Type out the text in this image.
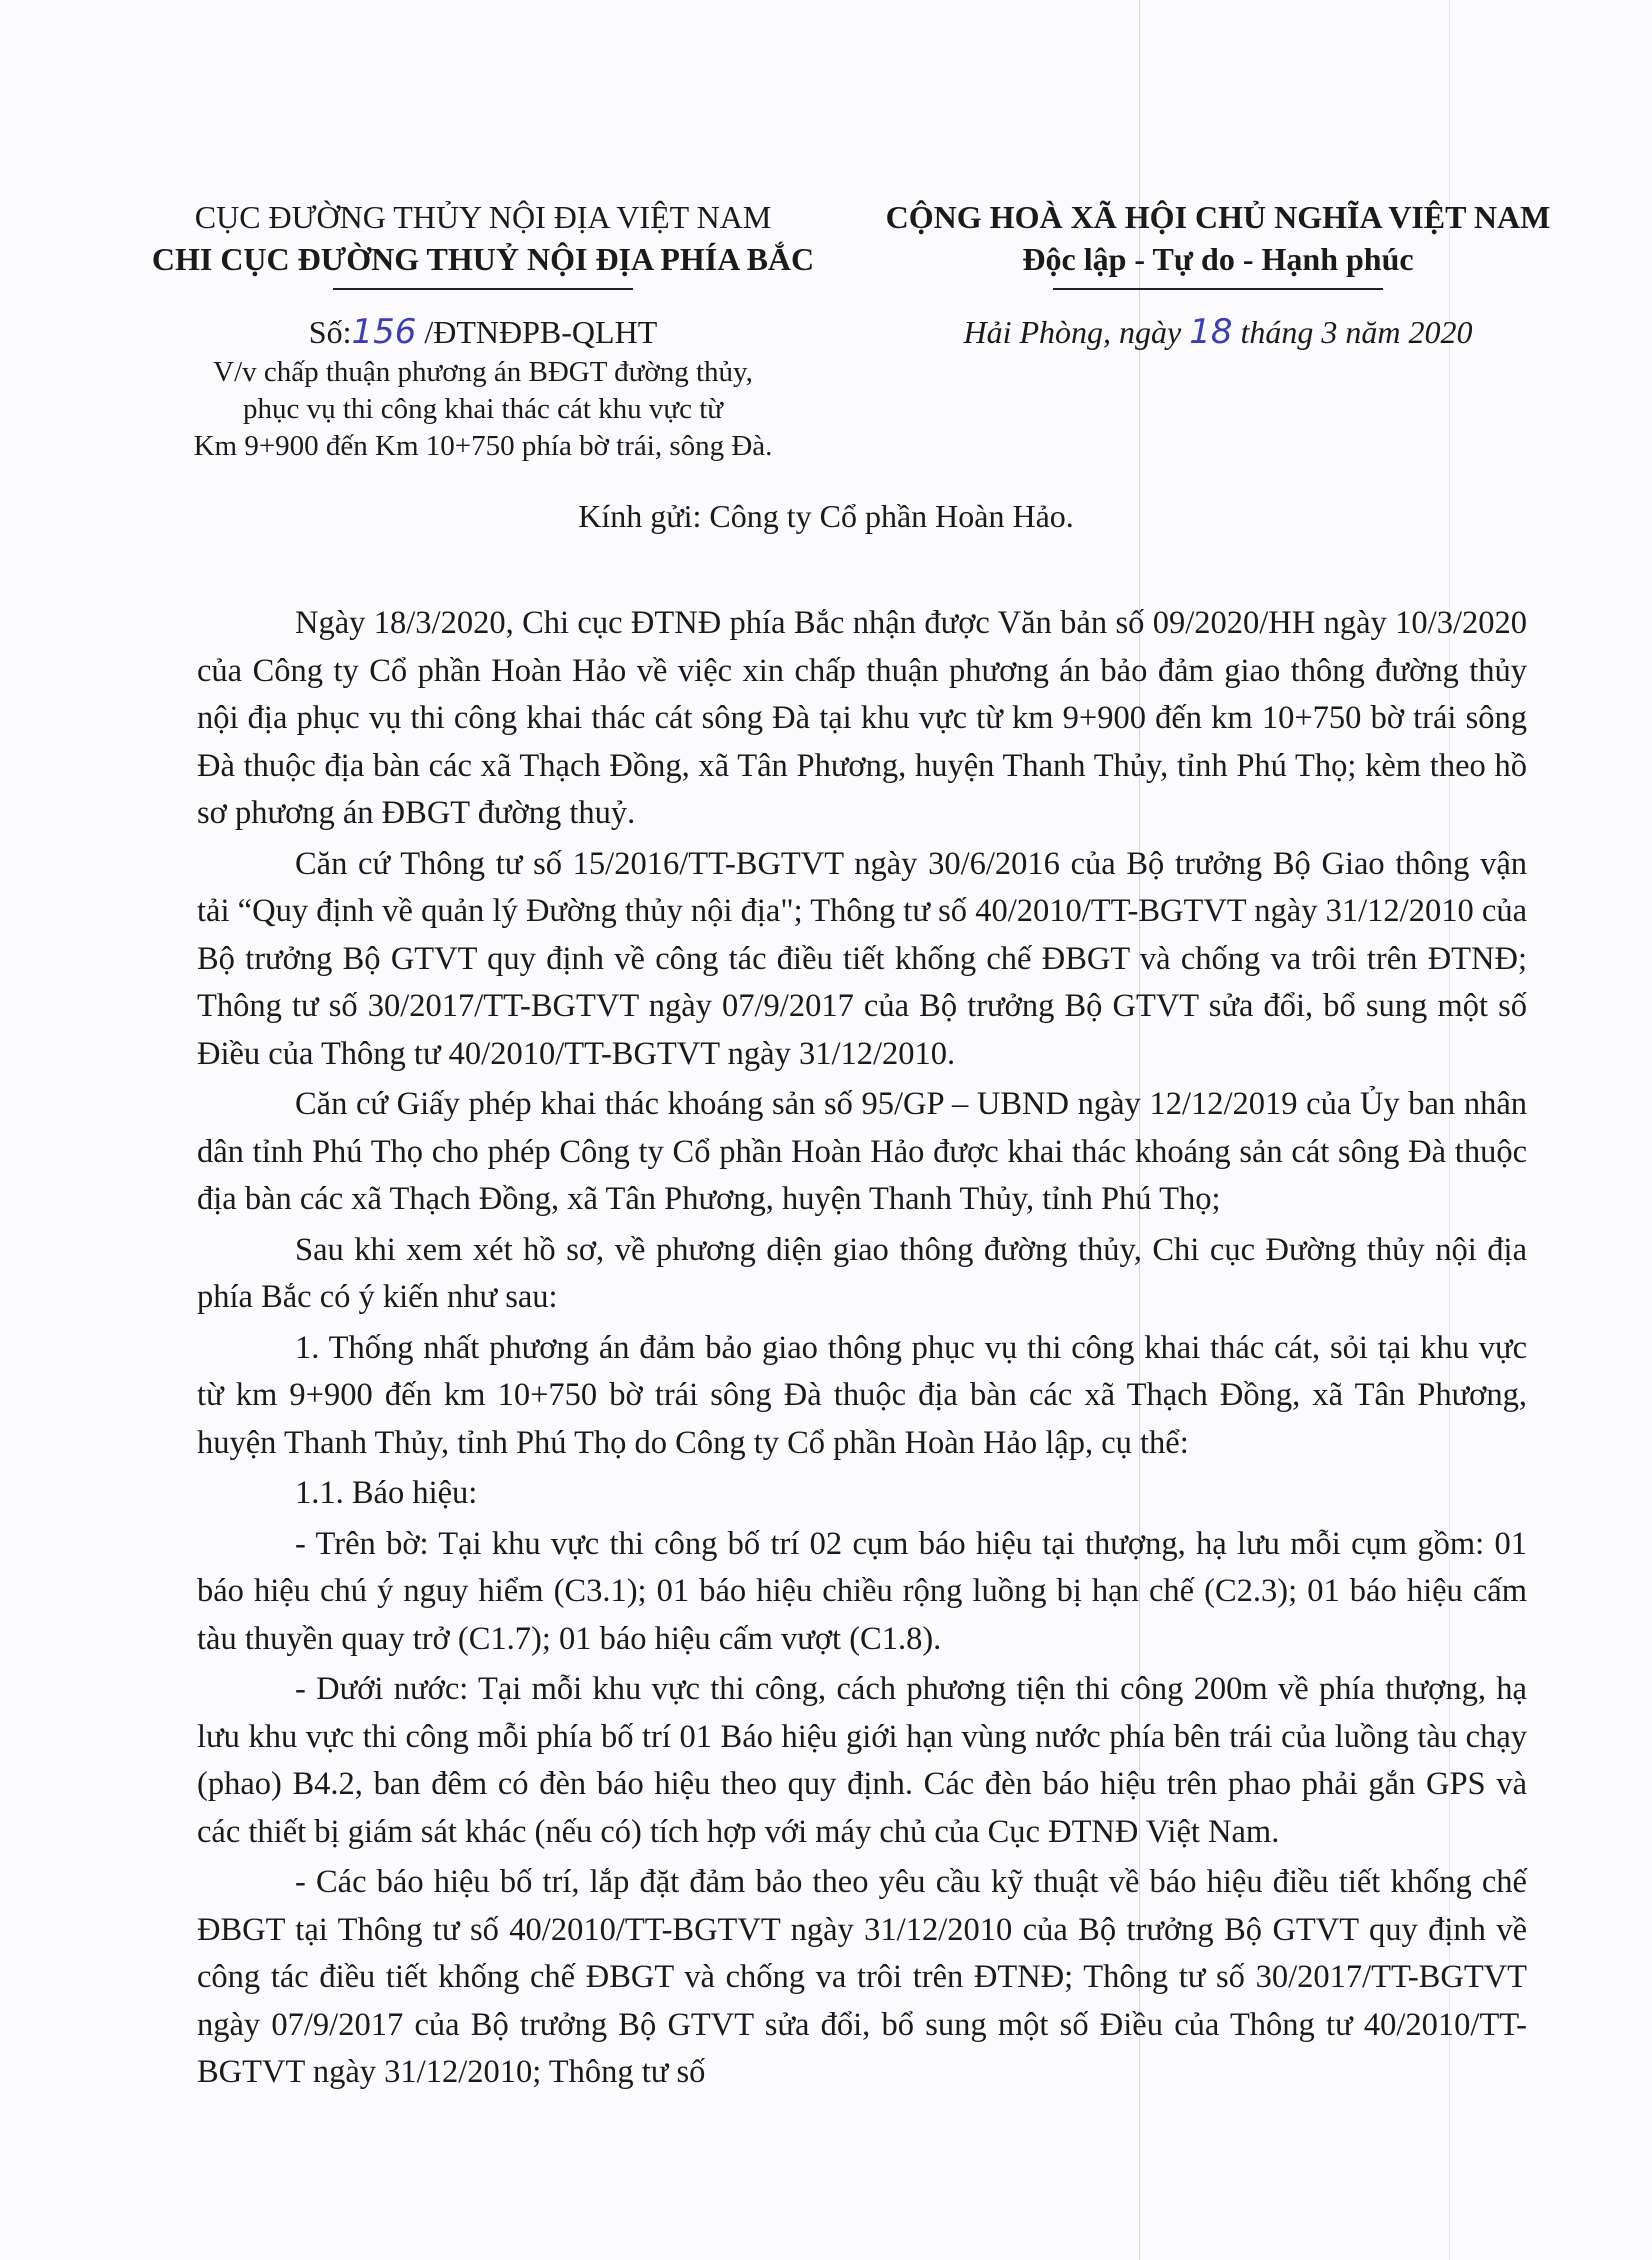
CỤC ĐƯỜNG THỦY NỘI ĐỊA VIỆT NAM
CHI CỤC ĐƯỜNG THUỶ NỘI ĐỊA PHÍA BẮC
Số:156 /ĐTNĐPB-QLHT
V/v chấp thuận phương án BĐGT đường thủy,
phục vụ thi công khai thác cát khu vực từ
Km 9+900 đến Km 10+750 phía bờ trái, sông Đà.
CỘNG HOÀ XÃ HỘI CHỦ NGHĨA VIỆT NAM
Độc lập - Tự do - Hạnh phúc
Hải Phòng, ngày 18 tháng 3 năm 2020
Kính gửi: Công ty Cổ phần Hoàn Hảo.

Ngày 18/3/2020, Chi cục ĐTNĐ phía Bắc nhận được Văn bản số 09/2020/HH ngày 10/3/2020 của Công ty Cổ phần Hoàn Hảo về việc xin chấp thuận phương án bảo đảm giao thông đường thủy nội địa phục vụ thi công khai thác cát sông Đà tại khu vực từ km 9+900 đến km 10+750 bờ trái sông Đà thuộc địa bàn các xã Thạch Đồng, xã Tân Phương, huyện Thanh Thủy, tỉnh Phú Thọ; kèm theo hồ sơ phương án ĐBGT đường thuỷ.

Căn cứ Thông tư số 15/2016/TT-BGTVT ngày 30/6/2016 của Bộ trưởng Bộ Giao thông vận tải “Quy định về quản lý Đường thủy nội địa"; Thông tư số 40/2010/TT-BGTVT ngày 31/12/2010 của Bộ trưởng Bộ GTVT quy định về công tác điều tiết khống chế ĐBGT và chống va trôi trên ĐTNĐ; Thông tư số 30/2017/TT-BGTVT ngày 07/9/2017 của Bộ trưởng Bộ GTVT sửa đổi, bổ sung một số Điều của Thông tư 40/2010/TT-BGTVT ngày 31/12/2010.

Căn cứ Giấy phép khai thác khoáng sản số 95/GP – UBND ngày 12/12/2019 của Ủy ban nhân dân tỉnh Phú Thọ cho phép Công ty Cổ phần Hoàn Hảo được khai thác khoáng sản cát sông Đà thuộc địa bàn các xã Thạch Đồng, xã Tân Phương, huyện Thanh Thủy, tỉnh Phú Thọ;

Sau khi xem xét hồ sơ, về phương diện giao thông đường thủy, Chi cục Đường thủy nội địa phía Bắc có ý kiến như sau:

1. Thống nhất phương án đảm bảo giao thông phục vụ thi công khai thác cát, sỏi tại khu vực từ km 9+900 đến km 10+750 bờ trái sông Đà thuộc địa bàn các xã Thạch Đồng, xã Tân Phương, huyện Thanh Thủy, tỉnh Phú Thọ do Công ty Cổ phần Hoàn Hảo lập, cụ thể:

1.1. Báo hiệu:

- Trên bờ: Tại khu vực thi công bố trí 02 cụm báo hiệu tại thượng, hạ lưu mỗi cụm gồm: 01 báo hiệu chú ý nguy hiểm (C3.1); 01 báo hiệu chiều rộng luồng bị hạn chế (C2.3); 01 báo hiệu cấm tàu thuyền quay trở (C1.7); 01 báo hiệu cấm vượt (C1.8).

- Dưới nước: Tại mỗi khu vực thi công, cách phương tiện thi công 200m về phía thượng, hạ lưu khu vực thi công mỗi phía bố trí 01 Báo hiệu giới hạn vùng nước phía bên trái của luồng tàu chạy (phao) B4.2, ban đêm có đèn báo hiệu theo quy định. Các đèn báo hiệu trên phao phải gắn GPS và các thiết bị giám sát khác (nếu có) tích hợp với máy chủ của Cục ĐTNĐ Việt Nam.

- Các báo hiệu bố trí, lắp đặt đảm bảo theo yêu cầu kỹ thuật về báo hiệu điều tiết khống chế ĐBGT tại Thông tư số 40/2010/TT-BGTVT ngày 31/12/2010 của Bộ trưởng Bộ GTVT quy định về công tác điều tiết khống chế ĐBGT và chống va trôi trên ĐTNĐ; Thông tư số 30/2017/TT-BGTVT ngày 07/9/2017 của Bộ trưởng Bộ GTVT sửa đổi, bổ sung một số Điều của Thông tư 40/2010/TT-BGTVT ngày 31/12/2010; Thông tư số
